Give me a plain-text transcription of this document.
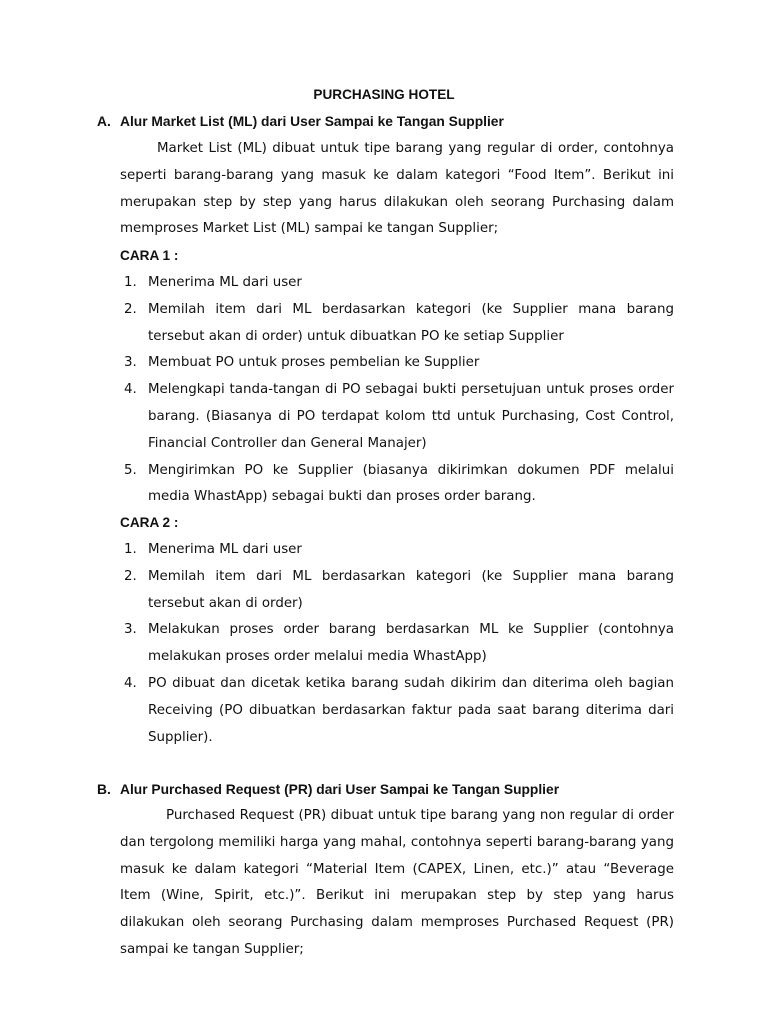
PURCHASING HOTEL
A. Alur Market List (ML) dari User Sampai ke Tangan Supplier
Market List (ML) dibuat untuk tipe barang yang regular di order, contohnya seperti barang-barang yang masuk ke dalam kategori “Food Item”. Berikut ini merupakan step by step yang harus dilakukan oleh seorang Purchasing dalam memproses Market List (ML) sampai ke tangan Supplier;
CARA 1 :
1. Menerima ML dari user
2. Memilah item dari ML berdasarkan kategori (ke Supplier mana barang tersebut akan di order) untuk dibuatkan PO ke setiap Supplier
3. Membuat PO untuk proses pembelian ke Supplier
4. Melengkapi tanda-tangan di PO sebagai bukti persetujuan untuk proses order barang. (Biasanya di PO terdapat kolom ttd untuk Purchasing, Cost Control, Financial Controller dan General Manajer)
5. Mengirimkan PO ke Supplier (biasanya dikirimkan dokumen PDF melalui media WhastApp) sebagai bukti dan proses order barang.
CARA 2 :
1. Menerima ML dari user
2. Memilah item dari ML berdasarkan kategori (ke Supplier mana barang tersebut akan di order)
3. Melakukan proses order barang berdasarkan ML ke Supplier (contohnya melakukan proses order melalui media WhastApp)
4. PO dibuat dan dicetak ketika barang sudah dikirim dan diterima oleh bagian Receiving (PO dibuatkan berdasarkan faktur pada saat barang diterima dari Supplier).
B. Alur Purchased Request (PR) dari User Sampai ke Tangan Supplier
Purchased Request (PR) dibuat untuk tipe barang yang non regular di order dan tergolong memiliki harga yang mahal, contohnya seperti barang-barang yang masuk ke dalam kategori “Material Item (CAPEX, Linen, etc.)” atau “Beverage Item (Wine, Spirit, etc.)”. Berikut ini merupakan step by step yang harus dilakukan oleh seorang Purchasing dalam memproses Purchased Request (PR) sampai ke tangan Supplier;
